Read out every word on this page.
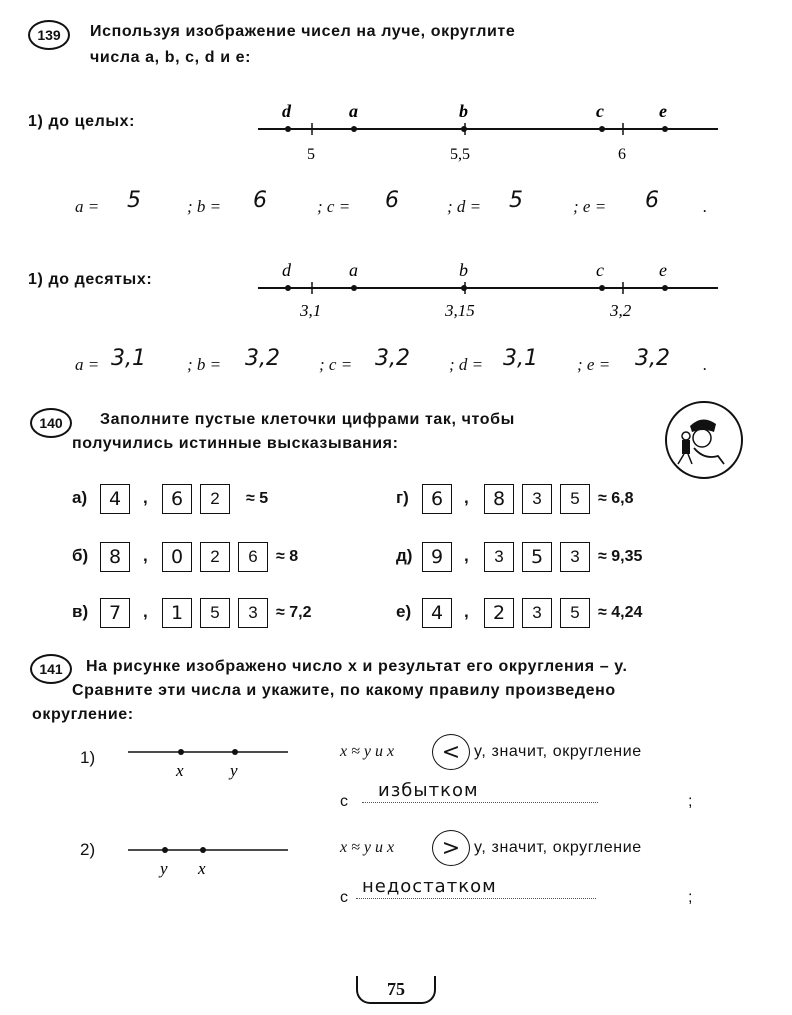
139 Используя изображение чисел на луче, округлите
числа a, b, c, d и e:
1) до целых:
d	a	b	c	e
5	5,5	6
a = 5	; b = 6	; c = 6	; d = 5	; e = 6	.
1) до десятых:	d	a	b	c	e
3,1	3,15	3,2
a = 3,1 ; b = 3,2 ; c = 3,2 ; d = 3,1 ; e = 3,2 .
140 Заполните пустые клеточки цифрами так, чтобы
получились истинные высказывания:
а)	4	,	6	2	≈ 5
б)	8	,	0	2	6	≈ 8
в)	7	,	1	5	3	≈ 7,2
г)	6	,	8	3	5	≈ 6,8
д) 9	,	3	5	3	≈ 9,35
е)	4	,	2	3	5	≈ 4,24
141 На рисунке изображено число x и результат его округления – y.
Сравните эти числа и укажите, по какому правилу произведено
округление:
1)
x	y
x ≈ y и x < y, значит, округление
с
избытком
;
2)
y x
x ≈ y и x > y, значит, округление
с
недостатком
;
75
